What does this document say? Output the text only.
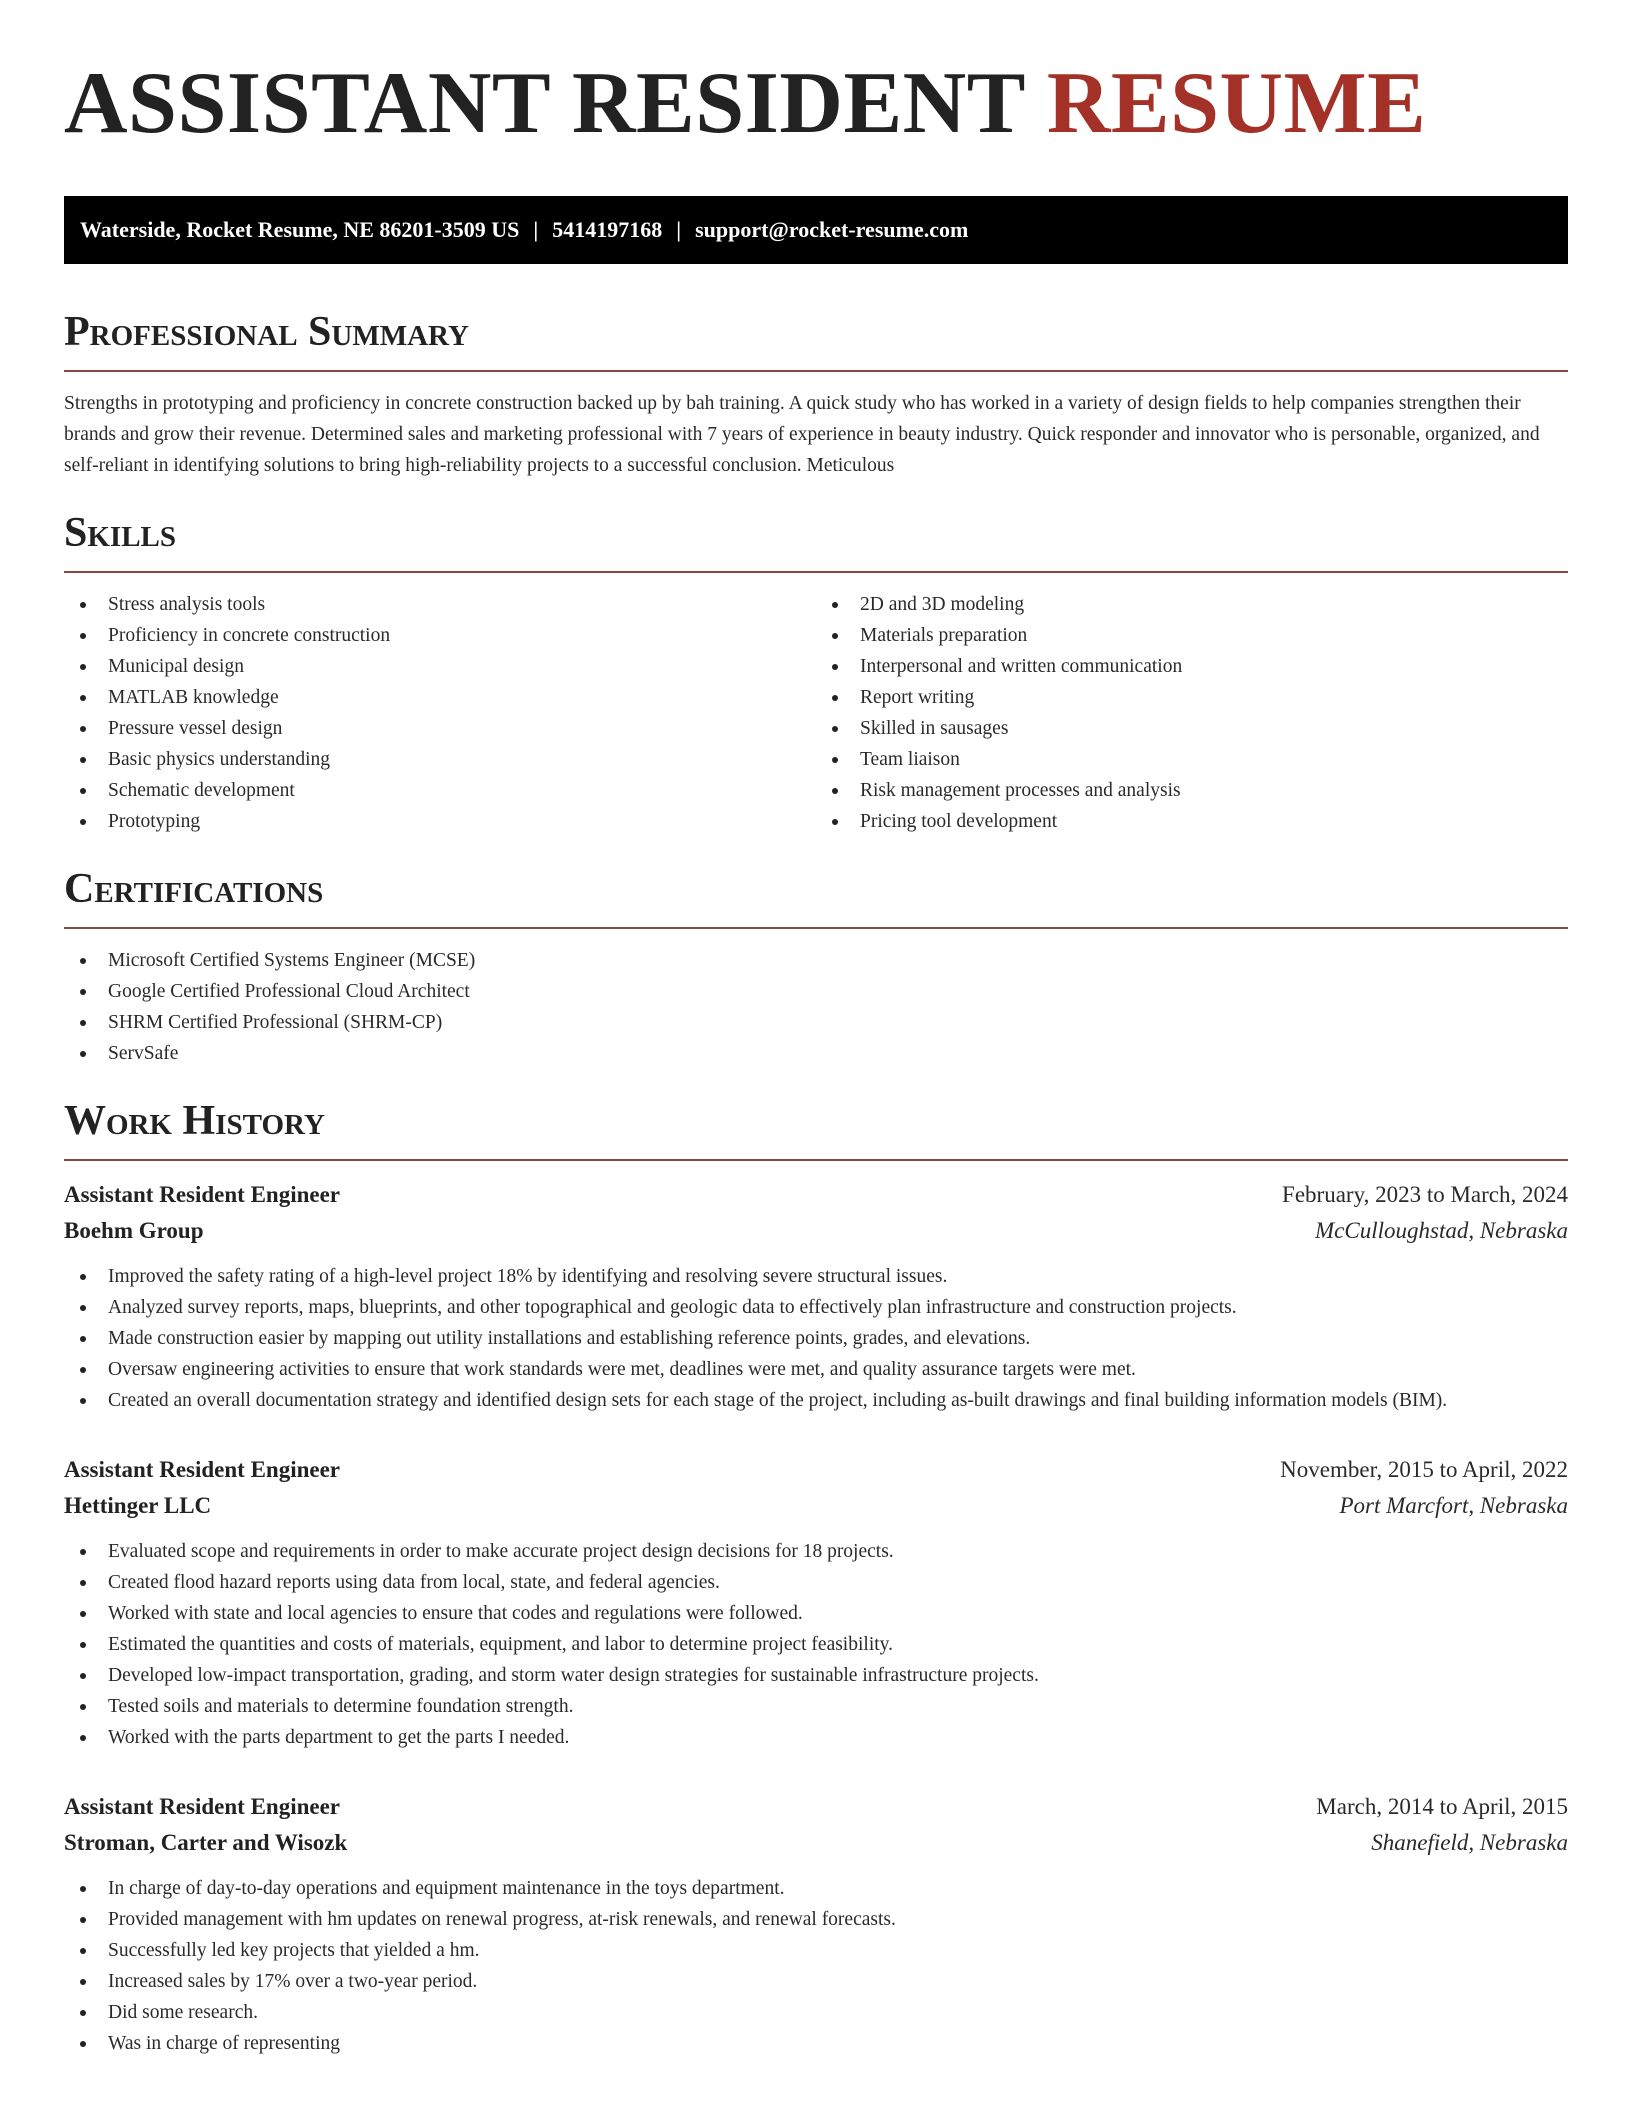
ASSISTANT RESIDENT RESUME
Waterside, Rocket Resume, NE 86201-3509 US | 5414197168 | support@rocket-resume.com
Professional Summary

Strengths in prototyping and proficiency in concrete construction backed up by bah training. A quick study who has worked in a variety of design fields to help companies strengthen their brands and grow their revenue. Determined sales and marketing professional with 7 years of experience in beauty industry. Quick responder and innovator who is personable, organized, and self-reliant in identifying solutions to bring high-reliability projects to a successful conclusion. Meticulous

Skills
Stress analysis tools
Proficiency in concrete construction
Municipal design
MATLAB knowledge
Pressure vessel design
Basic physics understanding
Schematic development
Prototyping
2D and 3D modeling
Materials preparation
Interpersonal and written communication
Report writing
Skilled in sausages
Team liaison
Risk management processes and analysis
Pricing tool development
Certifications
Microsoft Certified Systems Engineer (MCSE)
Google Certified Professional Cloud Architect
SHRM Certified Professional (SHRM-CP)
ServSafe
Work History
Assistant Resident Engineer	February, 2023 to March, 2024
Boehm Group	McCulloughstad, Nebraska
Improved the safety rating of a high-level project 18% by identifying and resolving severe structural issues.
Analyzed survey reports, maps, blueprints, and other topographical and geologic data to effectively plan infrastructure and construction projects.
Made construction easier by mapping out utility installations and establishing reference points, grades, and elevations.
Oversaw engineering activities to ensure that work standards were met, deadlines were met, and quality assurance targets were met.
Created an overall documentation strategy and identified design sets for each stage of the project, including as-built drawings and final building information models (BIM).
Assistant Resident Engineer	November, 2015 to April, 2022
Hettinger LLC	Port Marcfort, Nebraska
Evaluated scope and requirements in order to make accurate project design decisions for 18 projects.
Created flood hazard reports using data from local, state, and federal agencies.
Worked with state and local agencies to ensure that codes and regulations were followed.
Estimated the quantities and costs of materials, equipment, and labor to determine project feasibility.
Developed low-impact transportation, grading, and storm water design strategies for sustainable infrastructure projects.
Tested soils and materials to determine foundation strength.
Worked with the parts department to get the parts I needed.
Assistant Resident Engineer	March, 2014 to April, 2015
Stroman, Carter and Wisozk	Shanefield, Nebraska
In charge of day-to-day operations and equipment maintenance in the toys department.
Provided management with hm updates on renewal progress, at-risk renewals, and renewal forecasts.
Successfully led key projects that yielded a hm.
Increased sales by 17% over a two-year period.
Did some research.
Was in charge of representing
